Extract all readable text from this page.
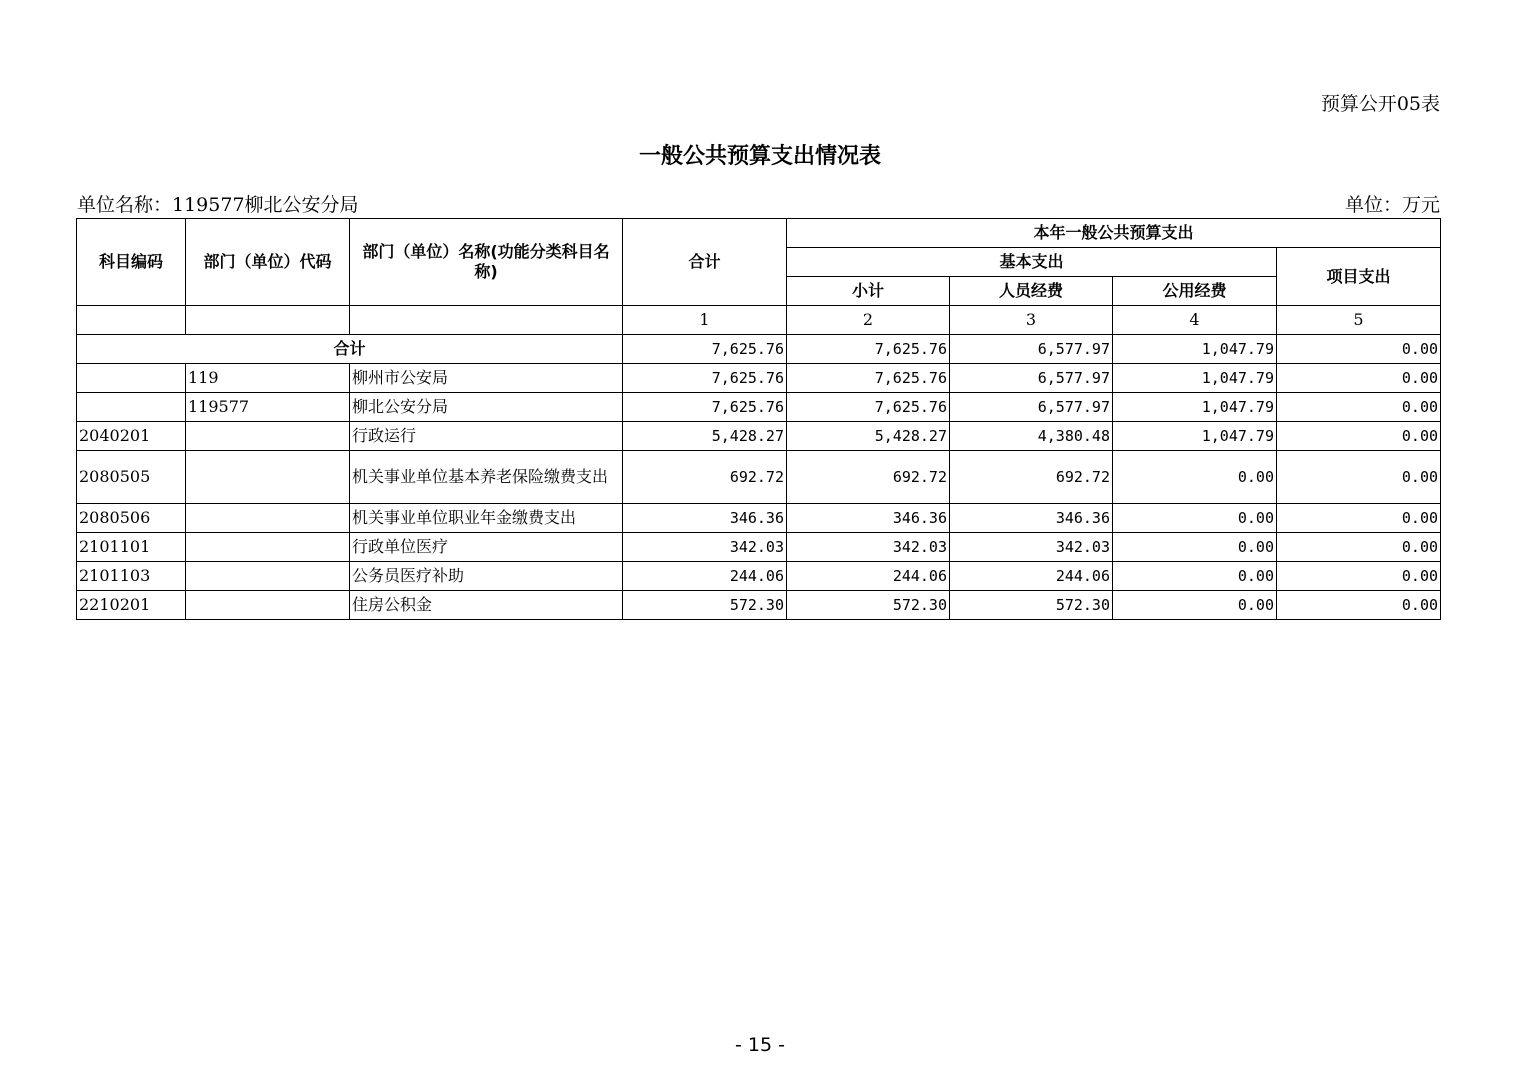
预算公开05表
一般公共预算支出情况表
单位名称：119577柳北公安分局	单位：万元
科目编码	部门（单位）代码	部门（单位）名称(功能分类科目名称)	合计	本年一般公共预算支出			
				基本支出			项目支出
				小计	人员经费	公用经费	
			1	2	3	4	5
合计			7,625.76	7,625.76	6,577.97	1,047.79	0.00
	119	柳州市公安局	7,625.76	7,625.76	6,577.97	1,047.79	0.00
	119577	柳北公安分局	7,625.76	7,625.76	6,577.97	1,047.79	0.00
2040201		行政运行	5,428.27	5,428.27	4,380.48	1,047.79	0.00
2080505		机关事业单位基本养老保险缴费支出	692.72	692.72	692.72	0.00	0.00
2080506		机关事业单位职业年金缴费支出	346.36	346.36	346.36	0.00	0.00
2101101		行政单位医疗	342.03	342.03	342.03	0.00	0.00
2101103		公务员医疗补助	244.06	244.06	244.06	0.00	0.00
2210201		住房公积金	572.30	572.30	572.30	0.00	0.00
- 15 -
